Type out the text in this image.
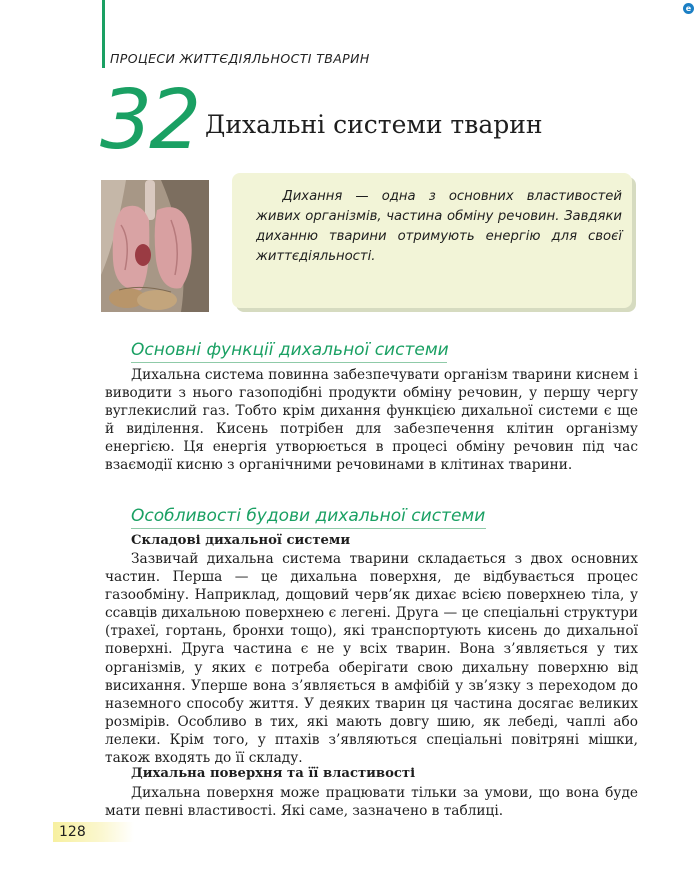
ПРОЦЕСИ ЖИТТЄДІЯЛЬНОСТІ ТВАРИН
e
32 Дихальні системи тварин

Дихання — одна з основних властивостей живих організмів, частина обміну речовин. Завдяки диханню тварини отримують енергію для своєї життєдіяльності.

Основні функції дихальної системи

Дихальна система повинна забезпечувати організм тварини киснем і виводити з нього газоподібні продукти обміну речовин, у першу чергу вуглекислий газ. Тобто крім дихання функцією дихальної системи є ще й виділення. Кисень потрібен для забезпечення клітин організму енергією. Ця енергія утворюється в процесі обміну речовин під час взаємодії кисню з органічними речовинами в клітинах тварини.

Особливості будови дихальної системи
Складові дихальної системи

Зазвичай дихальна система тварини складається з двох основних частин. Перша — це дихальна поверхня, де відбувається процес газообміну. Наприклад, дощовий черв’як дихає всією поверхнею тіла, у ссавців дихальною поверхнею є легені. Друга — це спеціальні структури (трахеї, гортань, бронхи тощо), які транспортують кисень до дихальної поверхні. Друга частина є не у всіх тварин. Вона з’являється у тих організмів, у яких є потреба оберігати свою дихальну поверхню від висихання. Уперше вона з’являється в амфібій у зв’язку з переходом до наземного способу життя. У деяких тварин ця частина досягає великих розмірів. Особливо в тих, які мають довгу шию, як лебеді, чаплі або лелеки. Крім того, у птахів з’являються спеціальні повітряні мішки, також входять до її складу.

Дихальна поверхня та її властивості

Дихальна поверхня може працювати тільки за умови, що вона буде мати певні властивості. Які саме, зазначено в таблиці.

128
